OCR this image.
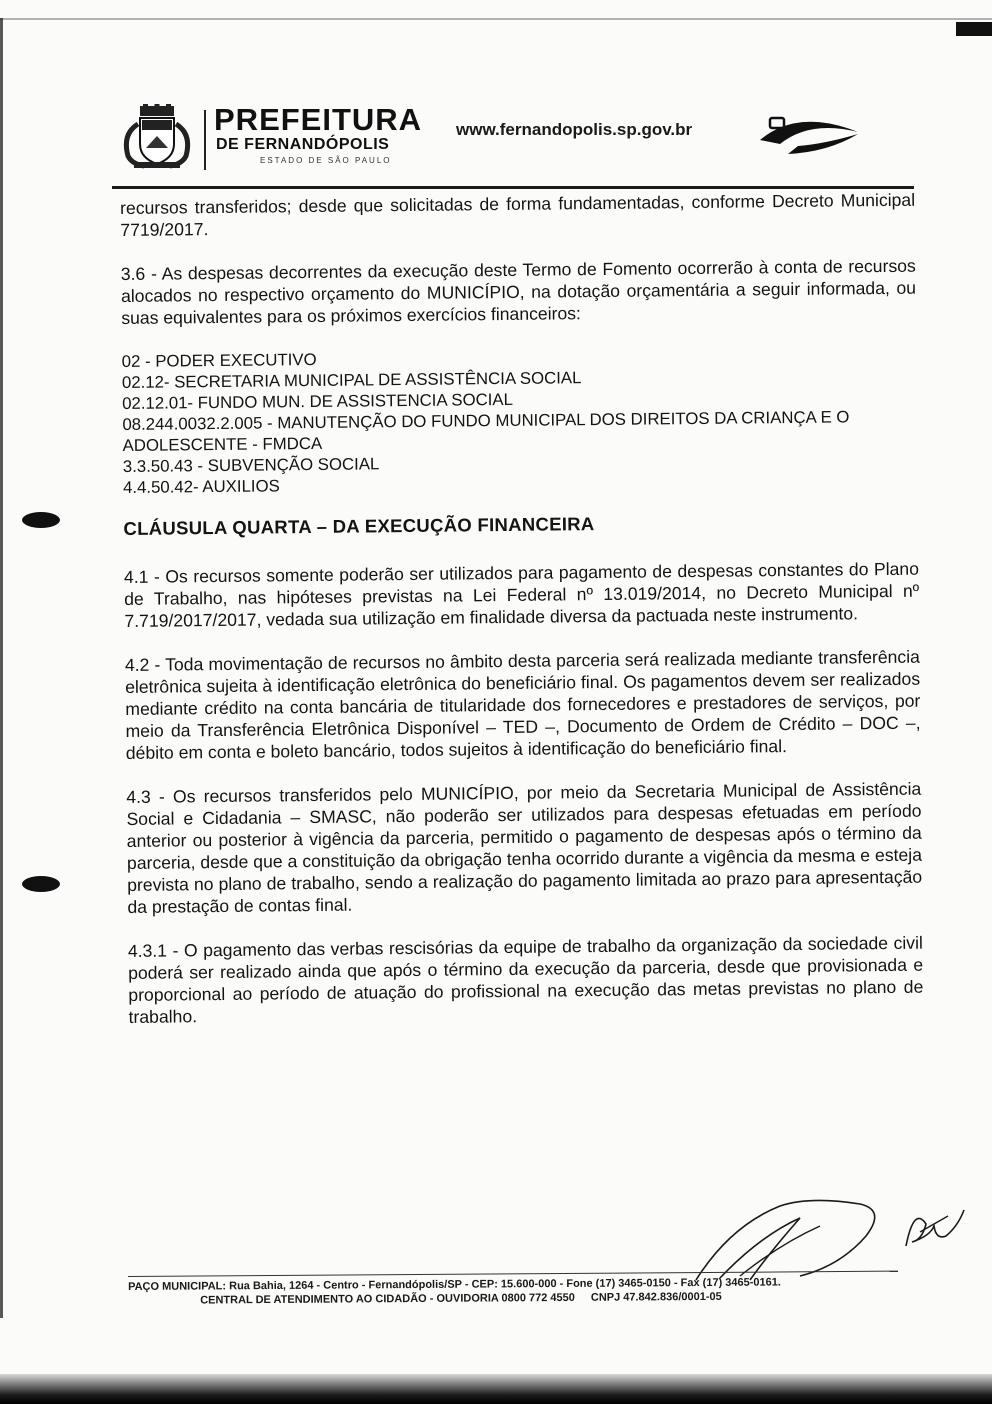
PREFEITURA
DE FERNANDÓPOLIS
ESTADO DE SÃO PAULO
www.fernandopolis.sp.gov.br

recursos transferidos; desde que solicitadas de forma fundamentadas, conforme Decreto Municipal 7719/2017.

3.6 - As despesas decorrentes da execução deste Termo de Fomento ocorrerão à conta de recursos alocados no respectivo orçamento do MUNICÍPIO, na dotação orçamentária a seguir informada, ou suas equivalentes para os próximos exercícios financeiros:

02 - PODER EXECUTIVO
02.12- SECRETARIA MUNICIPAL DE ASSISTÊNCIA SOCIAL
02.12.01- FUNDO MUN. DE ASSISTENCIA SOCIAL
08.244.0032.2.005 - MANUTENÇÃO DO FUNDO MUNICIPAL DOS DIREITOS DA CRIANÇA E O ADOLESCENTE - FMDCA
3.3.50.43 - SUBVENÇÃO SOCIAL
4.4.50.42- AUXILIOS
CLÁUSULA QUARTA – DA EXECUÇÃO FINANCEIRA

4.1 - Os recursos somente poderão ser utilizados para pagamento de despesas constantes do Plano de Trabalho, nas hipóteses previstas na Lei Federal nº 13.019/2014, no Decreto Municipal nº 7.719/2017/2017, vedada sua utilização em finalidade diversa da pactuada neste instrumento.

4.2 - Toda movimentação de recursos no âmbito desta parceria será realizada mediante transferência eletrônica sujeita à identificação eletrônica do beneficiário final. Os pagamentos devem ser realizados mediante crédito na conta bancária de titularidade dos fornecedores e prestadores de serviços, por meio da Transferência Eletrônica Disponível – TED –, Documento de Ordem de Crédito – DOC –, débito em conta e boleto bancário, todos sujeitos à identificação do beneficiário final.

4.3 - Os recursos transferidos pelo MUNICÍPIO, por meio da Secretaria Municipal de Assistência Social e Cidadania – SMASC, não poderão ser utilizados para despesas efetuadas em período anterior ou posterior à vigência da parceria, permitido o pagamento de despesas após o término da parceria, desde que a constituição da obrigação tenha ocorrido durante a vigência da mesma e esteja prevista no plano de trabalho, sendo a realização do pagamento limitada ao prazo para apresentação da prestação de contas final.

4.3.1 - O pagamento das verbas rescisórias da equipe de trabalho da organização da sociedade civil poderá ser realizado ainda que após o término da execução da parceria, desde que provisionada e proporcional ao período de atuação do profissional na execução das metas previstas no plano de trabalho.

PAÇO MUNICIPAL: Rua Bahia, 1264 - Centro - Fernandópolis/SP - CEP: 15.600-000 - Fone (17) 3465-0150 - Fax (17) 3465-0161.
CENTRAL DE ATENDIMENTO AO CIDADÃO - OUVIDORIA 0800 772 4550 CNPJ 47.842.836/0001-05
